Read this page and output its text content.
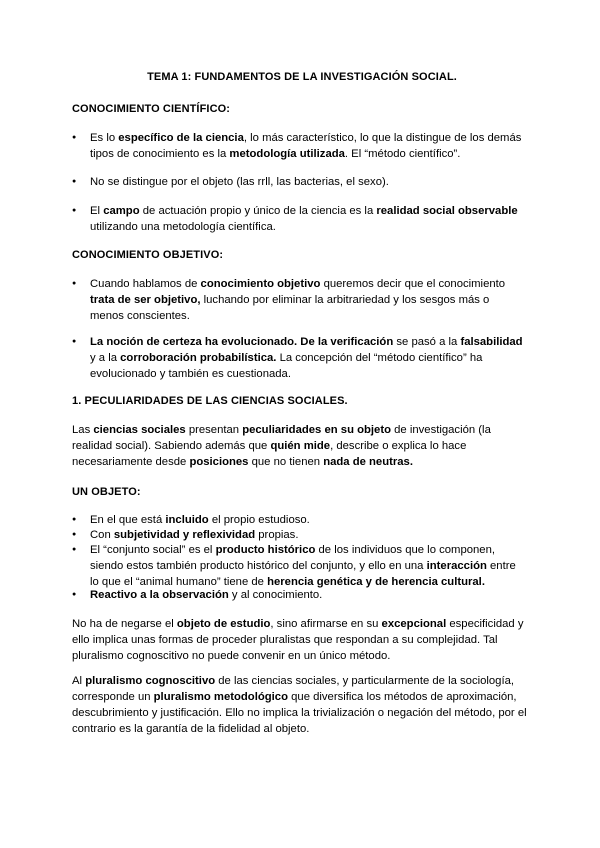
TEMA 1: FUNDAMENTOS DE LA INVESTIGACIÓN SOCIAL.
CONOCIMIENTO CIENTÍFICO:
● Es lo específico de la ciencia, lo más característico, lo que la distingue de los demás tipos de conocimiento es la metodología utilizada. El “método científico”.
● No se distingue por el objeto (las rrll, las bacterias, el sexo).
● El campo de actuación propio y único de la ciencia es la realidad social observable utilizando una metodología científica.
CONOCIMIENTO OBJETIVO:
● Cuando hablamos de conocimiento objetivo queremos decir que el conocimiento trata de ser objetivo, luchando por eliminar la arbitrariedad y los sesgos más o menos conscientes.
● La noción de certeza ha evolucionado. De la verificación se pasó a la falsabilidad y a la corroboración probabilística. La concepción del “método científico” ha evolucionado y también es cuestionada.
1. PECULIARIDADES DE LAS CIENCIAS SOCIALES.
Las ciencias sociales presentan peculiaridades en su objeto de investigación (la realidad social). Sabiendo además que quién mide, describe o explica lo hace necesariamente desde posiciones que no tienen nada de neutras.
UN OBJETO:
● En el que está incluido el propio estudioso.
● Con subjetividad y reflexividad propias.
● El “conjunto social” es el producto histórico de los individuos que lo componen, siendo estos también producto histórico del conjunto, y ello en una interacción entre lo que el “animal humano” tiene de herencia genética y de herencia cultural.
● Reactivo a la observación y al conocimiento.
No ha de negarse el objeto de estudio, sino afirmarse en su excepcional especificidad y ello implica unas formas de proceder pluralistas que respondan a su complejidad. Tal pluralismo cognoscitivo no puede convenir en un único método.
Al pluralismo cognoscitivo de las ciencias sociales, y particularmente de la sociología, corresponde un pluralismo metodológico que diversifica los métodos de aproximación, descubrimiento y justificación. Ello no implica la trivialización o negación del método, por el contrario es la garantía de la fidelidad al objeto.
